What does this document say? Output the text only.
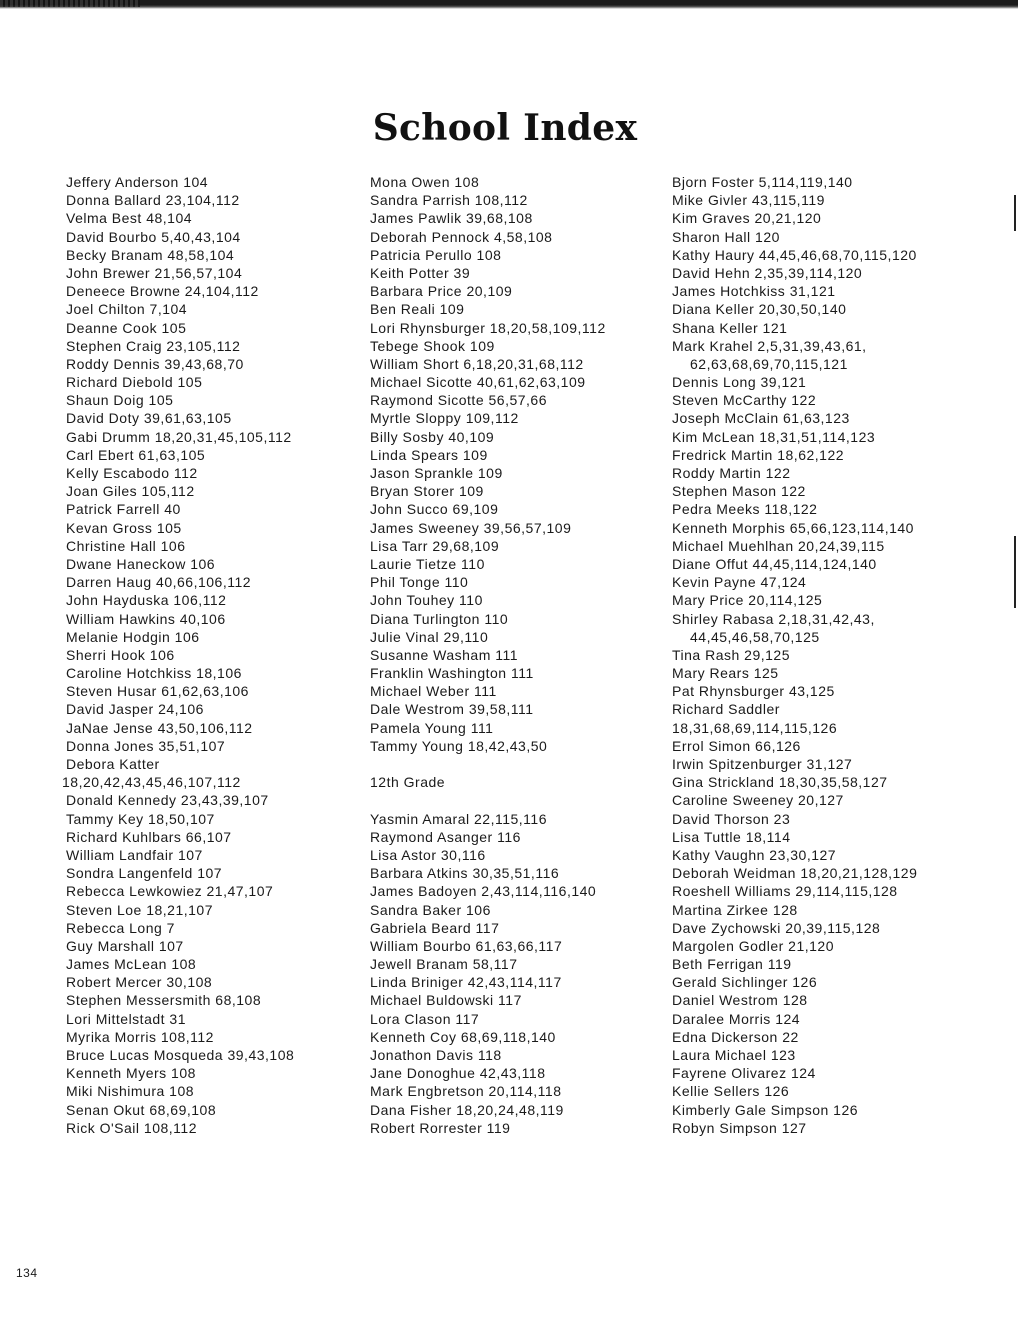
School Index
Jeffery Anderson 104
Donna Ballard 23,104,112
Velma Best 48,104
David Bourbo 5,40,43,104
Becky Branam 48,58,104
John Brewer 21,56,57,104
Deneece Browne 24,104,112
Joel Chilton 7,104
Deanne Cook 105
Stephen Craig 23,105,112
Roddy Dennis 39,43,68,70
Richard Diebold 105
Shaun Doig 105
David Doty 39,61,63,105
Gabi Drumm 18,20,31,45,105,112
Carl Ebert 61,63,105
Kelly Escabodo 112
Joan Giles 105,112
Patrick Farrell 40
Kevan Gross 105
Christine Hall 106
Dwane Haneckow 106
Darren Haug 40,66,106,112
John Hayduska 106,112
William Hawkins 40,106
Melanie Hodgin 106
Sherri Hook 106
Caroline Hotchkiss 18,106
Steven Husar 61,62,63,106
David Jasper 24,106
JaNae Jense 43,50,106,112
Donna Jones 35,51,107
Debora Katter
18,20,42,43,45,46,107,112
Donald Kennedy 23,43,39,107
Tammy Key 18,50,107
Richard Kuhlbars 66,107
William Landfair 107
Sondra Langenfeld 107
Rebecca Lewkowiez 21,47,107
Steven Loe 18,21,107
Rebecca Long 7
Guy Marshall 107
James McLean 108
Robert Mercer 30,108
Stephen Messersmith 68,108
Lori Mittelstadt 31
Myrika Morris 108,112
Bruce Lucas Mosqueda 39,43,108
Kenneth Myers 108
Miki Nishimura 108
Senan Okut 68,69,108
Rick O'Sail 108,112
Mona Owen 108
Sandra Parrish 108,112
James Pawlik 39,68,108
Deborah Pennock 4,58,108
Patricia Perullo 108
Keith Potter 39
Barbara Price 20,109
Ben Reali 109
Lori Rhynsburger 18,20,58,109,112
Tebege Shook 109
William Short 6,18,20,31,68,112
Michael Sicotte 40,61,62,63,109
Raymond Sicotte 56,57,66
Myrtle Sloppy 109,112
Billy Sosby 40,109
Linda Spears 109
Jason Sprankle 109
Bryan Storer 109
John Succo 69,109
James Sweeney 39,56,57,109
Lisa Tarr 29,68,109
Laurie Tietze 110
Phil Tonge 110
John Touhey 110
Diana Turlington 110
Julie Vinal 29,110
Susanne Washam 111
Franklin Washington 111
Michael Weber 111
Dale Westrom 39,58,111
Pamela Young 111
Tammy Young 18,42,43,50
12th Grade
Yasmin Amaral 22,115,116
Raymond Asanger 116
Lisa Astor 30,116
Barbara Atkins 30,35,51,116
James Badoyen 2,43,114,116,140
Sandra Baker 106
Gabriela Beard 117
William Bourbo 61,63,66,117
Jewell Branam 58,117
Linda Briniger 42,43,114,117
Michael Buldowski 117
Lora Clason 117
Kenneth Coy 68,69,118,140
Jonathon Davis 118
Jane Donoghue 42,43,118
Mark Engbretson 20,114,118
Dana Fisher 18,20,24,48,119
Robert Rorrester 119
Bjorn Foster 5,114,119,140
Mike Givler 43,115,119
Kim Graves 20,21,120
Sharon Hall 120
Kathy Haury 44,45,46,68,70,115,120
David Hehn 2,35,39,114,120
James Hotchkiss 31,121
Diana Keller 20,30,50,140
Shana Keller 121
Mark Krahel 2,5,31,39,43,61,
62,63,68,69,70,115,121
Dennis Long 39,121
Steven McCarthy 122
Joseph McClain 61,63,123
Kim McLean 18,31,51,114,123
Fredrick Martin 18,62,122
Roddy Martin 122
Stephen Mason 122
Pedra Meeks 118,122
Kenneth Morphis 65,66,123,114,140
Michael Muehlhan 20,24,39,115
Diane Offut 44,45,114,124,140
Kevin Payne 47,124
Mary Price 20,114,125
Shirley Rabasa 2,18,31,42,43,
44,45,46,58,70,125
Tina Rash 29,125
Mary Rears 125
Pat Rhynsburger 43,125
Richard Saddler
18,31,68,69,114,115,126
Errol Simon 66,126
Irwin Spitzenburger 31,127
Gina Strickland 18,30,35,58,127
Caroline Sweeney 20,127
David Thorson 23
Lisa Tuttle 18,114
Kathy Vaughn 23,30,127
Deborah Weidman 18,20,21,128,129
Roeshell Williams 29,114,115,128
Martina Zirkee 128
Dave Zychowski 20,39,115,128
Margolen Godler 21,120
Beth Ferrigan 119
Gerald Sichlinger 126
Daniel Westrom 128
Daralee Morris 124
Edna Dickerson 22
Laura Michael 123
Fayrene Olivarez 124
Kellie Sellers 126
Kimberly Gale Simpson 126
Robyn Simpson 127
134
